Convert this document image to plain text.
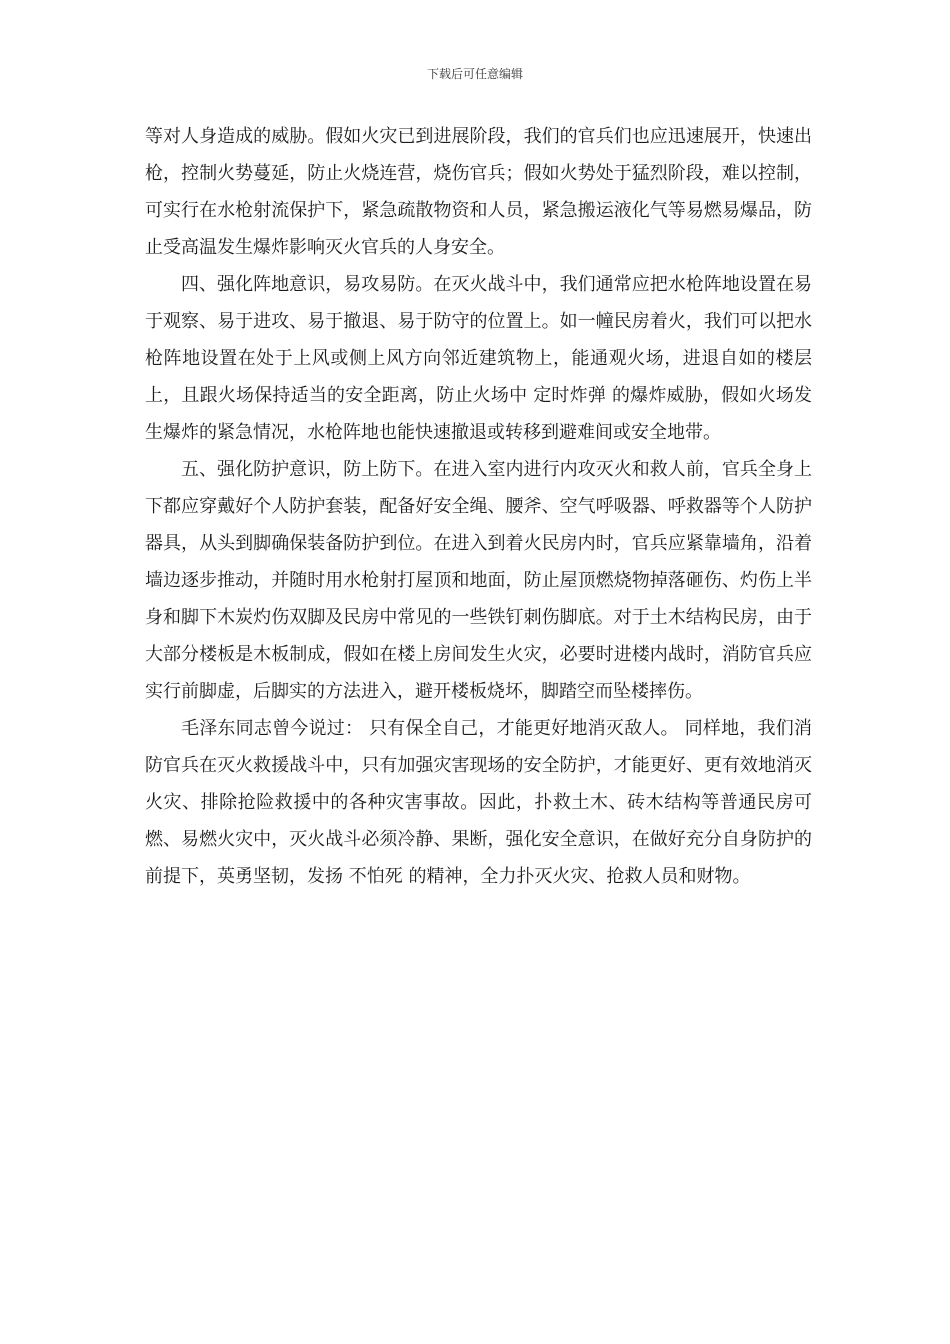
下载后可任意编辑

等对人身造成的威胁。假如火灾已到进展阶段，我们的官兵们也应迅速展开，快速出枪，控制火势蔓延，防止火烧连营，烧伤官兵；假如火势处于猛烈阶段，难以控制，可实行在水枪射流保护下，紧急疏散物资和人员，紧急搬运液化气等易燃易爆品，防止受高温发生爆炸影响灭火官兵的人身安全。

四、强化阵地意识，易攻易防。在灭火战斗中，我们通常应把水枪阵地设置在易于观察、易于进攻、易于撤退、易于防守的位置上。如一幢民房着火，我们可以把水枪阵地设置在处于上风或侧上风方向邻近建筑物上，能通观火场，进退自如的楼层上，且跟火场保持适当的安全距离，防止火场中 定时炸弹 的爆炸威胁，假如火场发生爆炸的紧急情况，水枪阵地也能快速撤退或转移到避难间或安全地带。

五、强化防护意识，防上防下。在进入室内进行内攻灭火和救人前，官兵全身上下都应穿戴好个人防护套装，配备好安全绳、腰斧、空气呼吸器、呼救器等个人防护器具，从头到脚确保装备防护到位。在进入到着火民房内时，官兵应紧靠墙角，沿着墙边逐步推动，并随时用水枪射打屋顶和地面，防止屋顶燃烧物掉落砸伤、灼伤上半身和脚下木炭灼伤双脚及民房中常见的一些铁钉刺伤脚底。对于土木结构民房，由于大部分楼板是木板制成，假如在楼上房间发生火灾，必要时进楼内战时，消防官兵应实行前脚虚，后脚实的方法进入，避开楼板烧坏，脚踏空而坠楼摔伤。

毛泽东同志曾今说过： 只有保全自己，才能更好地消灭敌人。 同样地，我们消防官兵在灭火救援战斗中，只有加强灾害现场的安全防护，才能更好、更有效地消灭火灾、排除抢险救援中的各种灾害事故。因此，扑救土木、砖木结构等普通民房可燃、易燃火灾中，灭火战斗必须冷静、果断，强化安全意识，在做好充分自身防护的前提下，英勇坚韧，发扬 不怕死 的精神，全力扑灭火灾、抢救人员和财物。
